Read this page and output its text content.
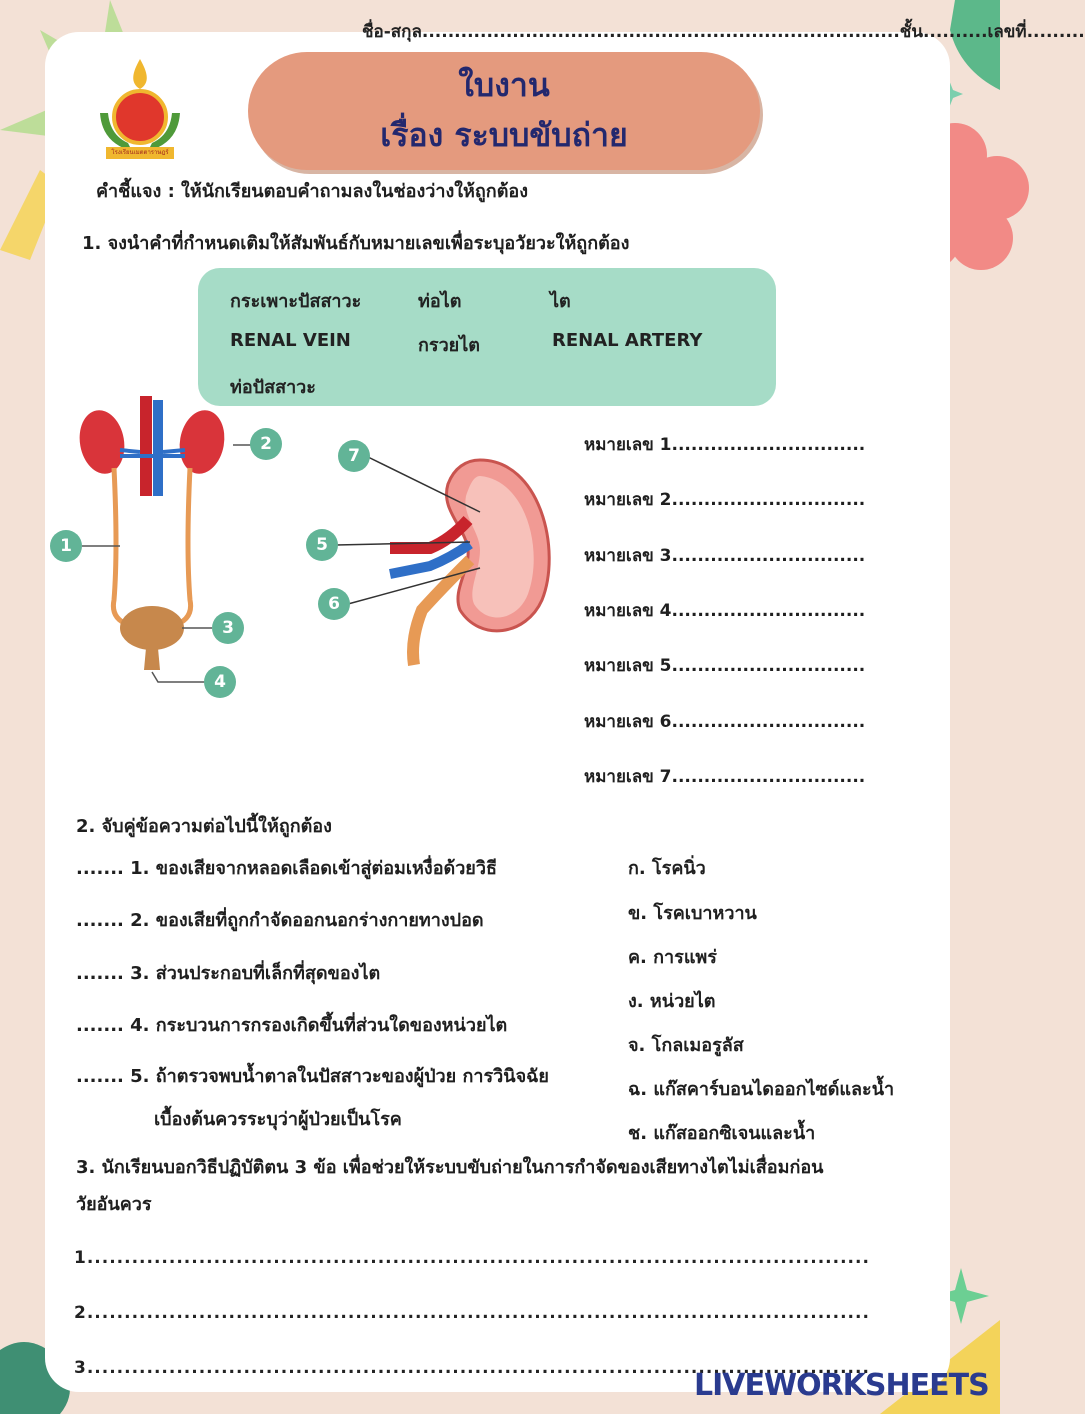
ชื่อ-สกุล..........................................................................ชั้น..........เลขที่.........
โรงเรียนเมตตาราษฎร์
ใบงาน
เรื่อง ระบบขับถ่าย
คำชี้แจง : ให้นักเรียนตอบคำถามลงในช่องว่างให้ถูกต้อง
1. จงนำคำที่กำหนดเติมให้สัมพันธ์กับหมายเลขเพื่อระบุอวัยวะให้ถูกต้อง
กระเพาะปัสสาวะ	ท่อไต	ไต
RENAL VEIN	กรวยไต	RENAL ARTERY
ท่อปัสสาวะ
1
2
3
4
5
6
7
หมายเลข 1..............................
หมายเลข 2..............................
หมายเลข 3..............................
หมายเลข 4..............................
หมายเลข 5..............................
หมายเลข 6..............................
หมายเลข 7..............................
2. จับคู่ข้อความต่อไปนี้ให้ถูกต้อง
....... 1. ของเสียจากหลอดเลือดเข้าสู่ต่อมเหงื่อด้วยวิธี
....... 2. ของเสียที่ถูกกำจัดออกนอกร่างกายทางปอด
....... 3. ส่วนประกอบที่เล็กที่สุดของไต
....... 4. กระบวนการกรองเกิดขึ้นที่ส่วนใดของหน่วยไต
....... 5. ถ้าตรวจพบน้ำตาลในปัสสาวะของผู้ป่วย การวินิจฉัย
เบื้องต้นควรระบุว่าผู้ป่วยเป็นโรค
ก. โรคนิ่ว
ข. โรคเบาหวาน
ค. การแพร่
ง. หน่วยไต
จ. โกลเมอรูลัส
ฉ. แก๊สคาร์บอนไดออกไซด์และน้ำ
ช. แก๊สออกซิเจนและน้ำ
3. นักเรียนบอกวิธีปฏิบัติตน 3 ข้อ เพื่อช่วยให้ระบบขับถ่ายในการกำจัดของเสียทางไตไม่เสื่อมก่อน
วัยอันควร
1.........................................................................................................
2.........................................................................................................
3.........................................................................................................
LIVEWORKSHEETS
